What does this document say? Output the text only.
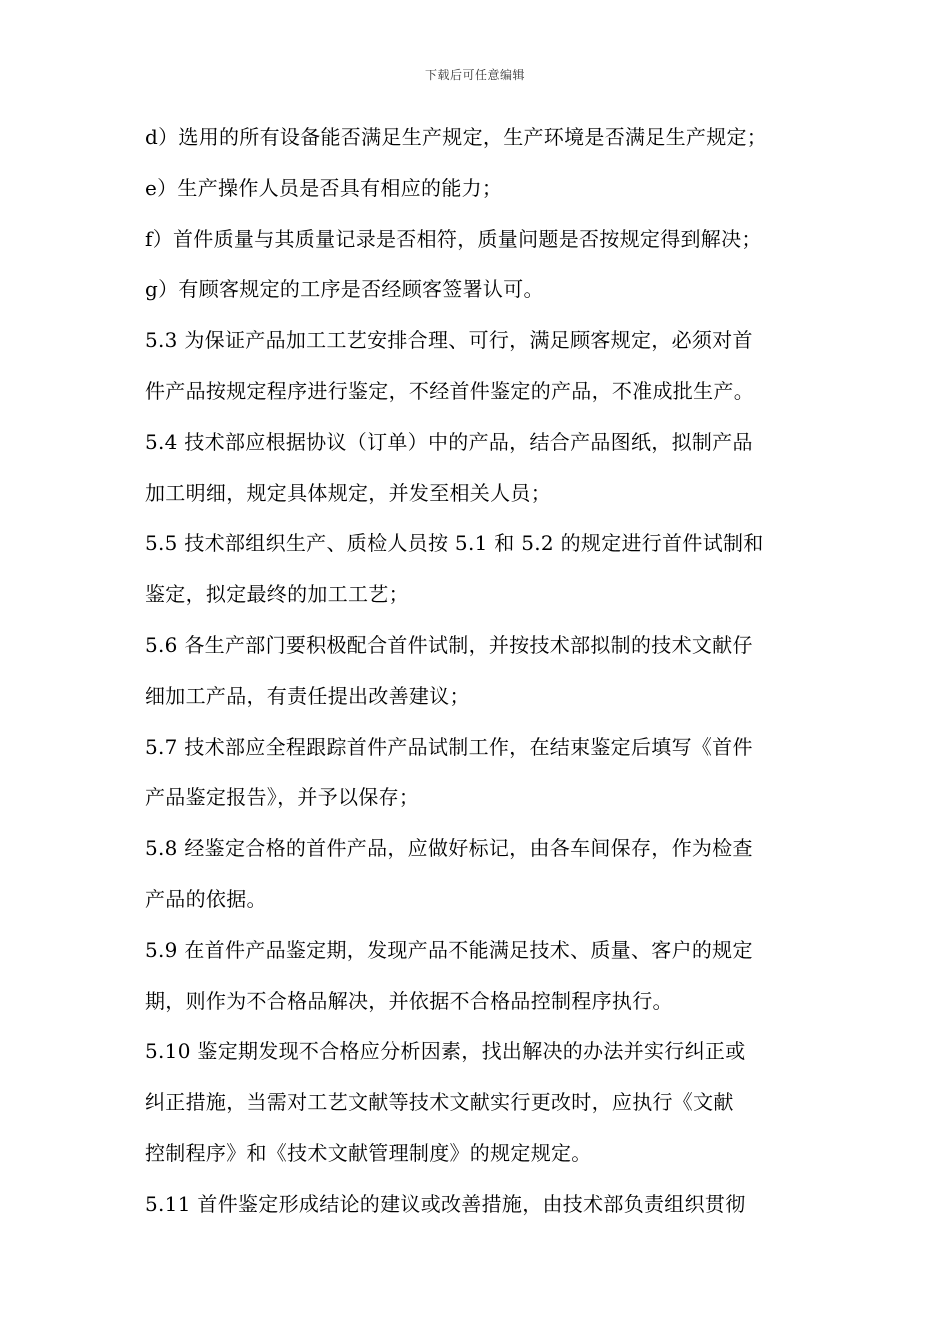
下载后可任意编辑
d）选用的所有设备能否满足生产规定，生产环境是否满足生产规定；
e）生产操作人员是否具有相应的能力；
f）首件质量与其质量记录是否相符，质量问题是否按规定得到解决；
g）有顾客规定的工序是否经顾客签署认可。
5.3 为保证产品加工工艺安排合理、可行，满足顾客规定，必须对首
件产品按规定程序进行鉴定，不经首件鉴定的产品，不准成批生产。
5.4 技术部应根据协议（订单）中的产品，结合产品图纸，拟制产品
加工明细，规定具体规定，并发至相关人员；
5.5 技术部组织生产、质检人员按 5.1 和 5.2 的规定进行首件试制和
鉴定，拟定最终的加工工艺；
5.6 各生产部门要积极配合首件试制，并按技术部拟制的技术文献仔
细加工产品，有责任提出改善建议；
5.7 技术部应全程跟踪首件产品试制工作，在结束鉴定后填写《首件
产品鉴定报告》，并予以保存；
5.8 经鉴定合格的首件产品，应做好标记，由各车间保存，作为检查
产品的依据。
5.9 在首件产品鉴定期，发现产品不能满足技术、质量、客户的规定
期，则作为不合格品解决，并依据不合格品控制程序执行。
5.10 鉴定期发现不合格应分析因素，找出解决的办法并实行纠正或
纠正措施，当需对工艺文献等技术文献实行更改时，应执行《文献
控制程序》和《技术文献管理制度》的规定规定。
5.11 首件鉴定形成结论的建议或改善措施，由技术部负责组织贯彻
